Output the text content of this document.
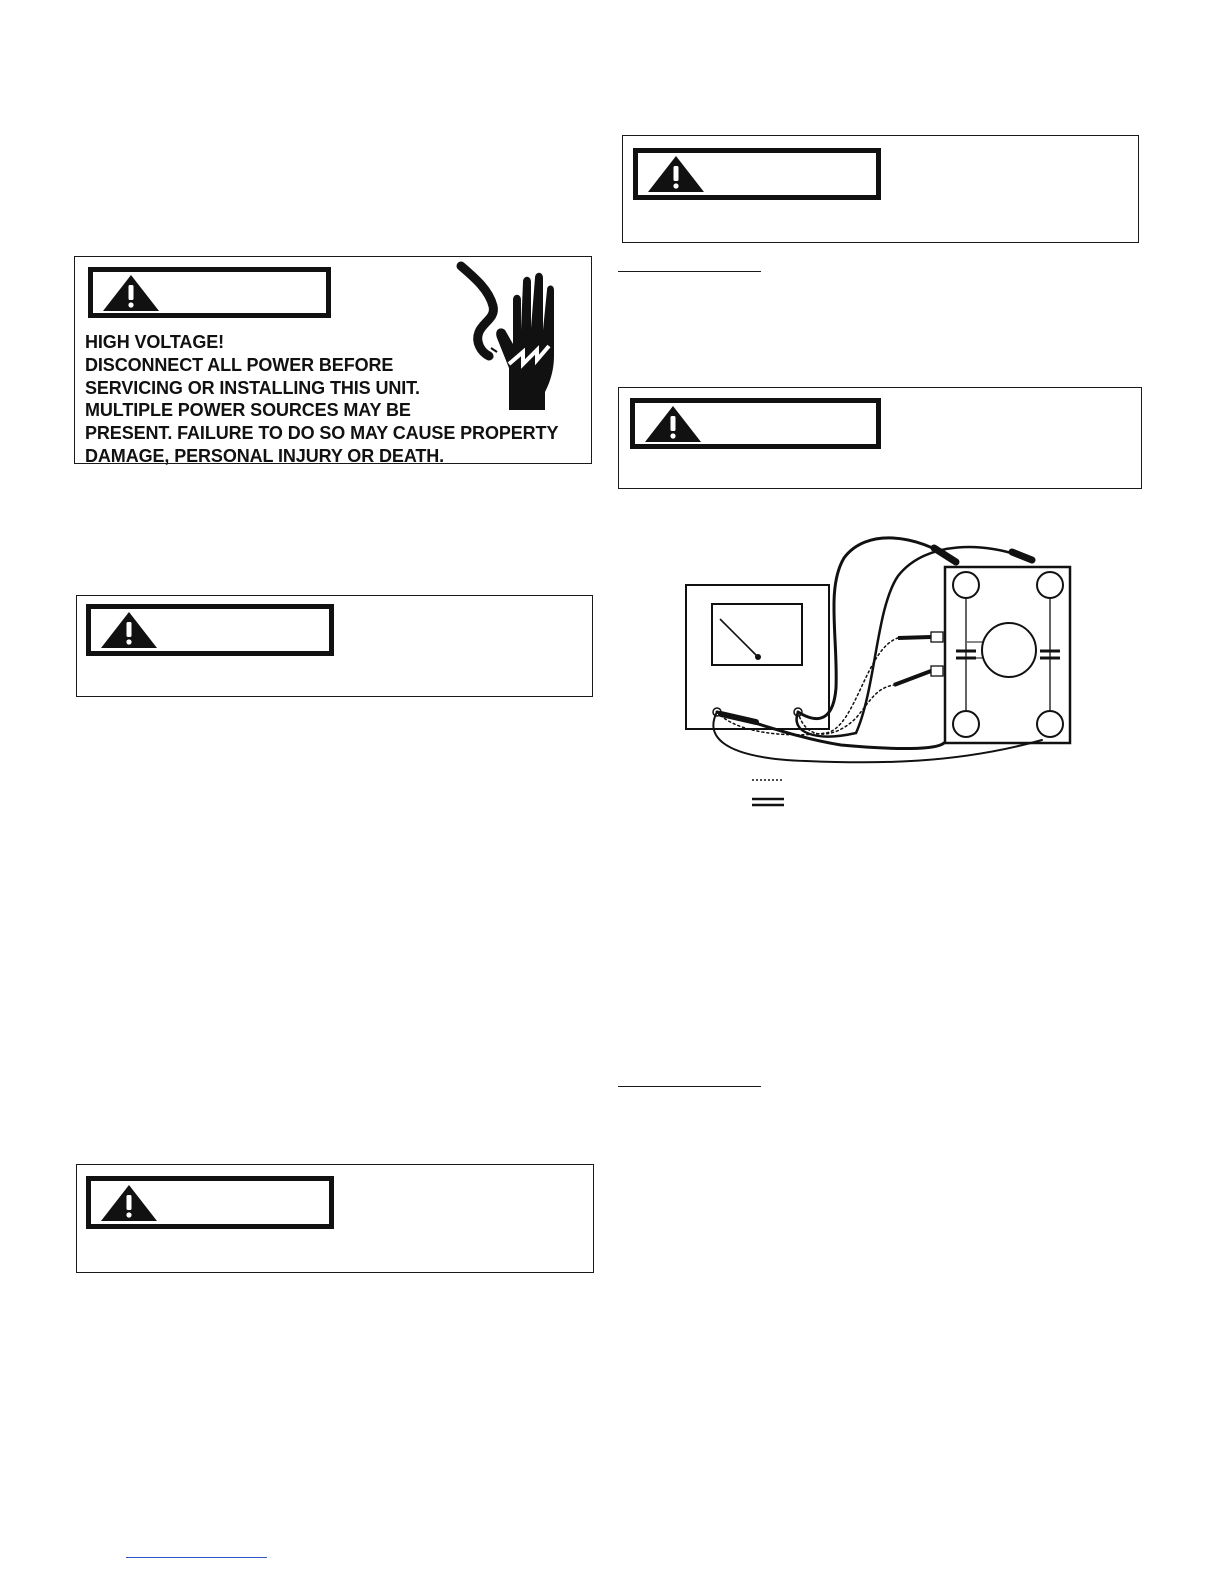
HIGH VOLTAGE!
DISCONNECT ALL POWER BEFORE
SERVICING OR INSTALLING THIS UNIT.
MULTIPLE POWER SOURCES MAY BE
PRESENT. FAILURE TO DO SO MAY CAUSE PROPERTY
DAMAGE, PERSONAL INJURY OR DEATH.
